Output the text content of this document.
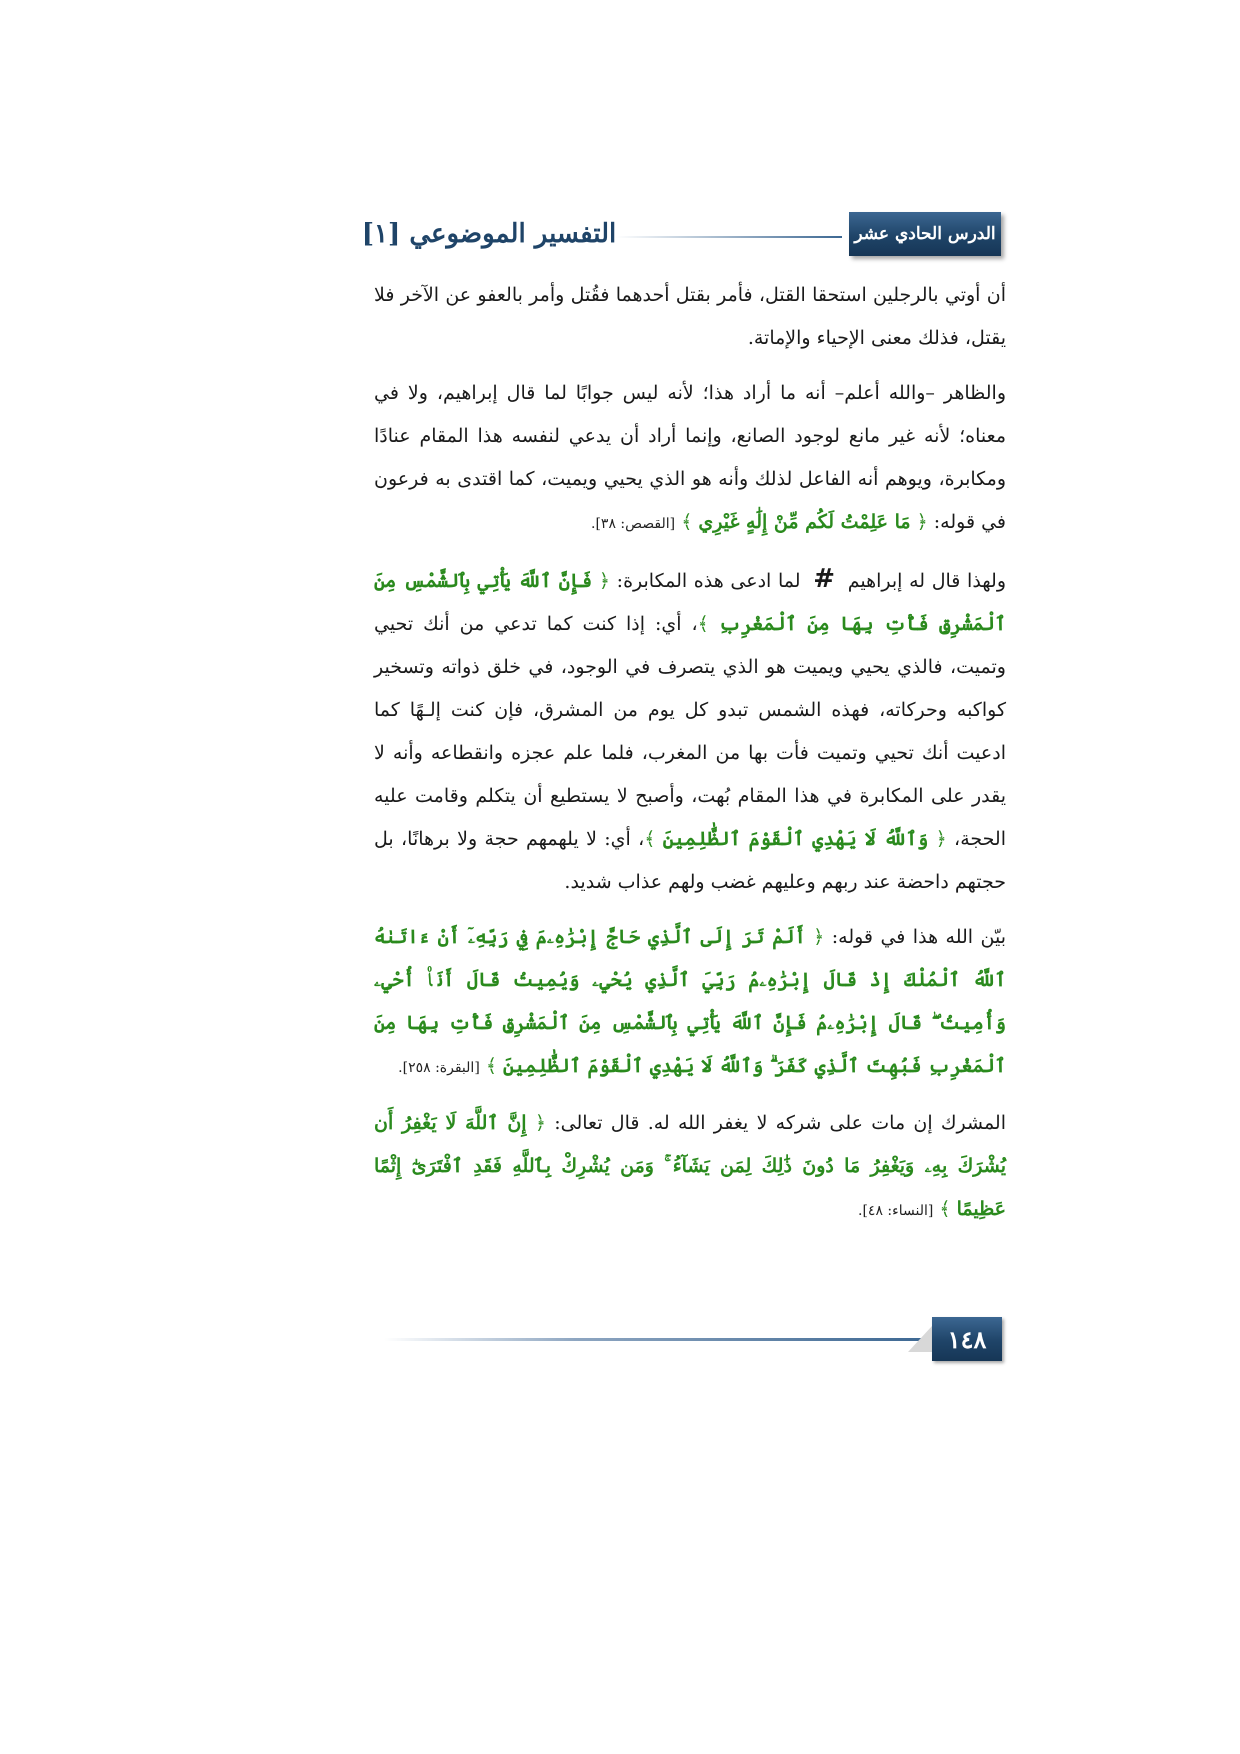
الدرس الحادي عشر
التفسير الموضوعي [١]

أن أوتي بالرجلين استحقا القتل، فأمر بقتل أحدهما فقُتل وأمر بالعفو عن الآخر فلا يقتل، فذلك معنى الإحياء والإماتة.

والظاهر –والله أعلم– أنه ما أراد هذا؛ لأنه ليس جوابًا لما قال إبراهيم، ولا في معناه؛ لأنه غير مانع لوجود الصانع، وإنما أراد أن يدعي لنفسه هذا المقام عنادًا ومكابرة، ويوهم أنه الفاعل لذلك وأنه هو الذي يحيي ويميت، كما اقتدى به فرعون في قوله: ﴿ مَا عَلِمْتُ لَكُم مِّنْ إِلَٰهٍ غَيْرِي ﴾ [القصص: ٣٨].

ولهذا قال له إبراهيم # لما ادعى هذه المكابرة: ﴿ فَإِنَّ ٱللَّهَ يَأْتِي بِٱلشَّمْسِ مِنَ ٱلْمَشْرِقِ فَأْتِ بِهَا مِنَ ٱلْمَغْرِبِ ﴾، أي: إذا كنت كما تدعي من أنك تحيي وتميت، فالذي يحيي ويميت هو الذي يتصرف في الوجود، في خلق ذواته وتسخير كواكبه وحركاته، فهذه الشمس تبدو كل يوم من المشرق، فإن كنت إلـهًا كما ادعيت أنك تحيي وتميت فأت بها من المغرب، فلما علم عجزه وانقطاعه وأنه لا يقدر على المكابرة في هذا المقام بُهت، وأصبح لا يستطيع أن يتكلم وقامت عليه الحجة، ﴿ وَٱللَّهُ لَا يَهْدِي ٱلْقَوْمَ ٱلظَّٰلِمِينَ ﴾، أي: لا يلهمهم حجة ولا برهانًا، بل حجتهم داحضة عند ربهم وعليهم غضب ولهم عذاب شديد.

بيّن الله هذا في قوله: ﴿ أَلَمْ تَرَ إِلَى ٱلَّذِي حَاجَّ إِبْرَٰهِۦمَ فِي رَبِّهِۦٓ أَنْ ءَاتَىٰهُ ٱللَّهُ ٱلْمُلْكَ إِذْ قَالَ إِبْرَٰهِۦمُ رَبِّيَ ٱلَّذِي يُحْيِۦ وَيُمِيتُ قَالَ أَنَا۠ أُحْيِۦ وَأُمِيتُ ۖ قَالَ إِبْرَٰهِۦمُ فَإِنَّ ٱللَّهَ يَأْتِي بِٱلشَّمْسِ مِنَ ٱلْمَشْرِقِ فَأْتِ بِهَا مِنَ ٱلْمَغْرِبِ فَبُهِتَ ٱلَّذِي كَفَرَ ۗ وَٱللَّهُ لَا يَهْدِي ٱلْقَوْمَ ٱلظَّٰلِمِينَ ﴾ [البقرة: ٢٥٨].

المشرك إن مات على شركه لا يغفر الله له. قال تعالى: ﴿ إِنَّ ٱللَّهَ لَا يَغْفِرُ أَن يُشْرَكَ بِهِۦ وَيَغْفِرُ مَا دُونَ ذَٰلِكَ لِمَن يَشَآءُ ۚ وَمَن يُشْرِكْ بِٱللَّهِ فَقَدِ ٱفْتَرَىٰٓ إِثْمًا عَظِيمًا ﴾ [النساء: ٤٨].

١٤٨
